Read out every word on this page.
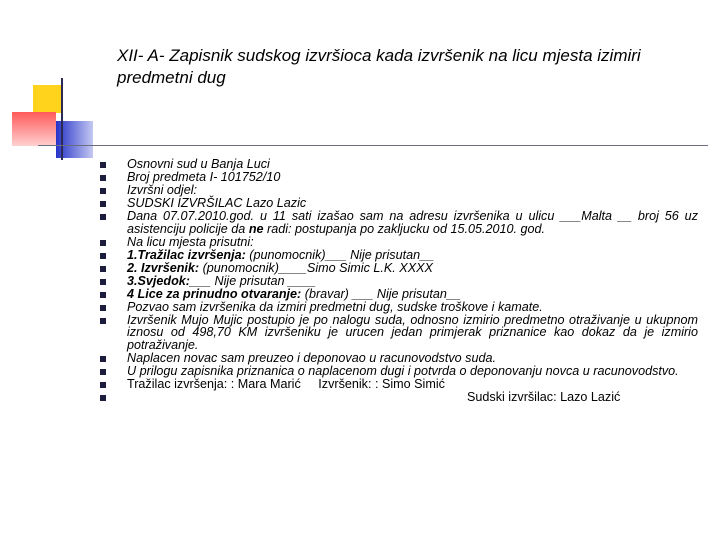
XII- A- Zapisnik sudskog izvršioca kada izvršenik na licu mjesta izimiri predmetni dug
Osnovni sud u Banja Luci
Broj predmeta I- 101752/10
Izvršni odjel:
SUDSKI IZVRŠILAC Lazo Lazic
Dana 07.07.2010.god. u 11 sati izašao sam na adresu izvršenika u ulicu ___Malta __ broj 56 uz asistenciju policije da ne radi: postupanja po zakljucku od 15.05.2010. god.
Na licu mjesta prisutni:
1.Tražilac izvršenja: (punomocnik)___ Nije prisutan__
2. Izvršenik: (punomocnik)____Simo Simic L.K. XXXX
3.Svjedok:___ Nije prisutan ____
4 Lice za prinudno otvaranje: (bravar) ___ Nije prisutan__
Pozvao sam izvršenika da izmiri predmetni dug, sudske troškove i kamate.
Izvršenik Mujo Mujic postupio je po nalogu suda, odnosno izmirio predmetno otraživanje u ukupnom iznosu od 498,70 KM izvršeniku je urucen jedan primjerak priznanice kao dokaz da je izmirio potraživanje.
Naplacen novac sam preuzeo i deponovao u racunovodstvo suda.
U prilogu zapisnika priznanica o naplacenom dugi i potvrda o deponovanju novca u racunovodstvo.
Tražilac izvršenja: : Mara Marić Izvršenik: : Simo Simić
Sudski izvršilac: Lazo Lazić
